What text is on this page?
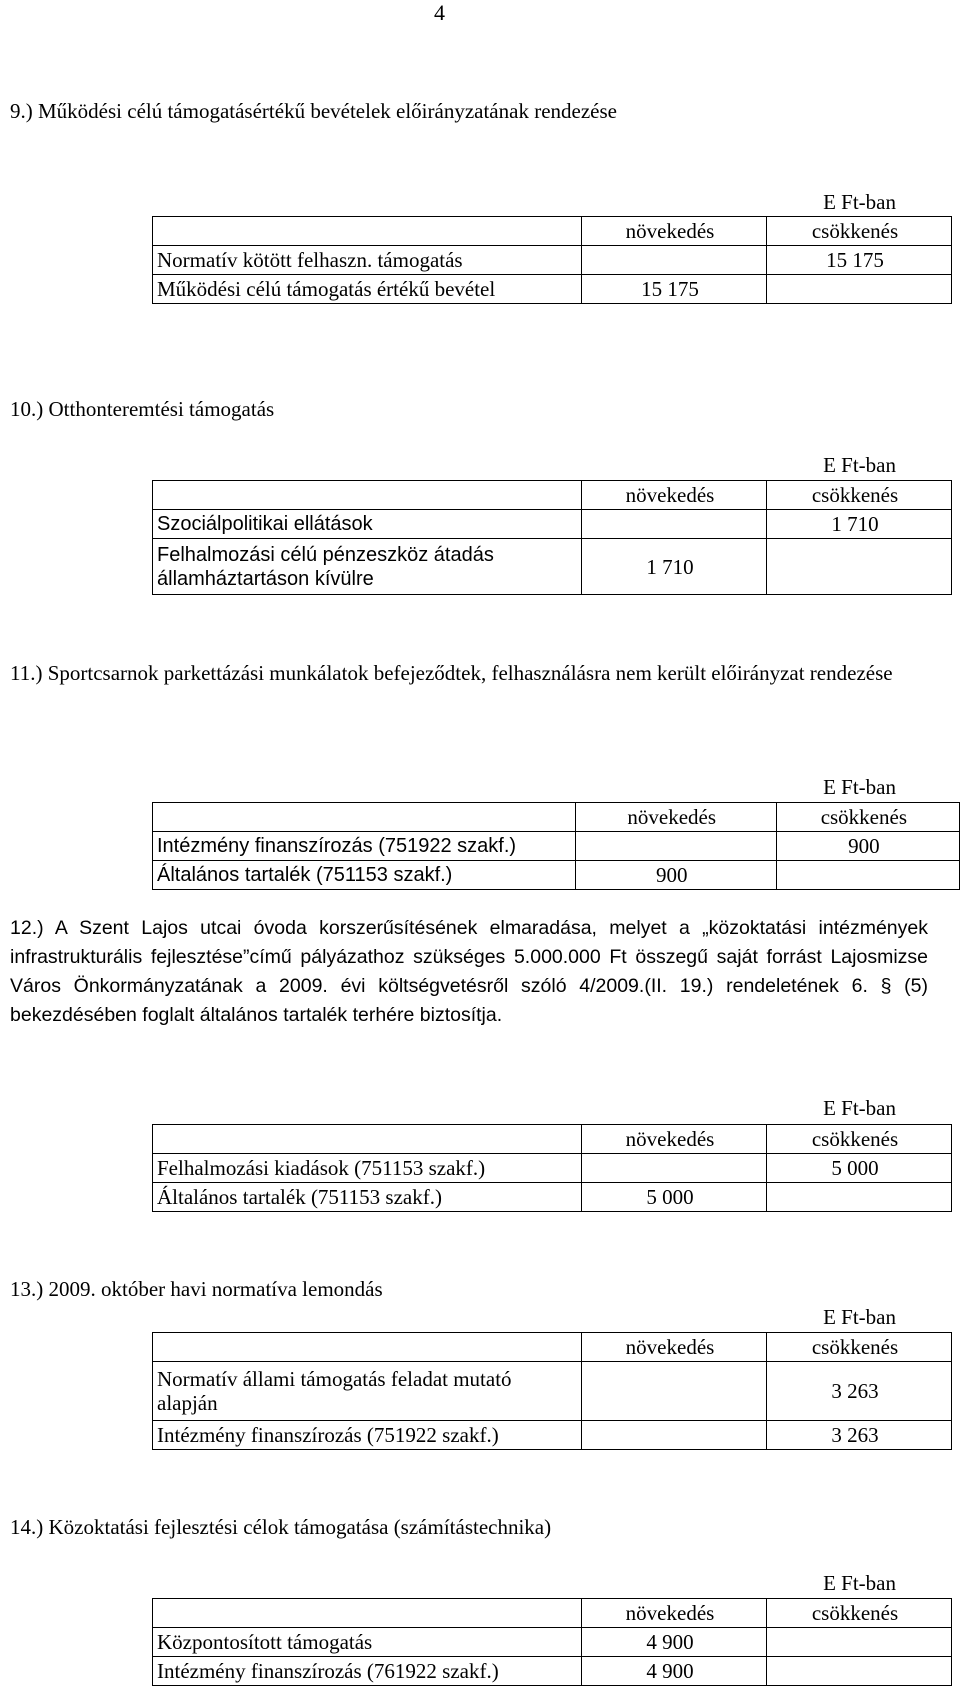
4
9.) Működési célú támogatásértékű bevételek előirányzatának rendezése
E Ft-ban
	növekedés	csökkenés
Normatív kötött felhaszn. támogatás		15 175
Működési célú támogatás értékű bevétel	15 175	
10.) Otthonteremtési támogatás
E Ft-ban
	növekedés	csökkenés
Szociálpolitikai ellátások		1 710
Felhalmozási célú pénzeszköz átadás államháztartáson kívülre	1 710	
11.) Sportcsarnok parkettázási munkálatok befejeződtek, felhasználásra nem került előirányzat rendezése
E Ft-ban
	növekedés	csökkenés
Intézmény finanszírozás (751922 szakf.)		900
Általános tartalék (751153 szakf.)	900	
12.) A Szent Lajos utcai óvoda korszerűsítésének elmaradása, melyet a „közoktatási intézmények infrastrukturális fejlesztése”című pályázathoz szükséges 5.000.000 Ft összegű saját forrást Lajosmizse Város Önkormányzatának a 2009. évi költségvetésről szóló 4/2009.(II. 19.) rendeletének 6. § (5) bekezdésében foglalt általános tartalék terhére biztosítja.
E Ft-ban
	növekedés	csökkenés
Felhalmozási kiadások (751153 szakf.)		5 000
Általános tartalék (751153 szakf.)	5 000	
13.) 2009. október havi normatíva lemondás
E Ft-ban
	növekedés	csökkenés
Normatív állami támogatás feladat mutató alapján		3 263
Intézmény finanszírozás (751922 szakf.)		3 263
14.) Közoktatási fejlesztési célok támogatása (számítástechnika)
E Ft-ban
	növekedés	csökkenés
Központosított támogatás	4 900	
Intézmény finanszírozás (761922 szakf.)	4 900	
